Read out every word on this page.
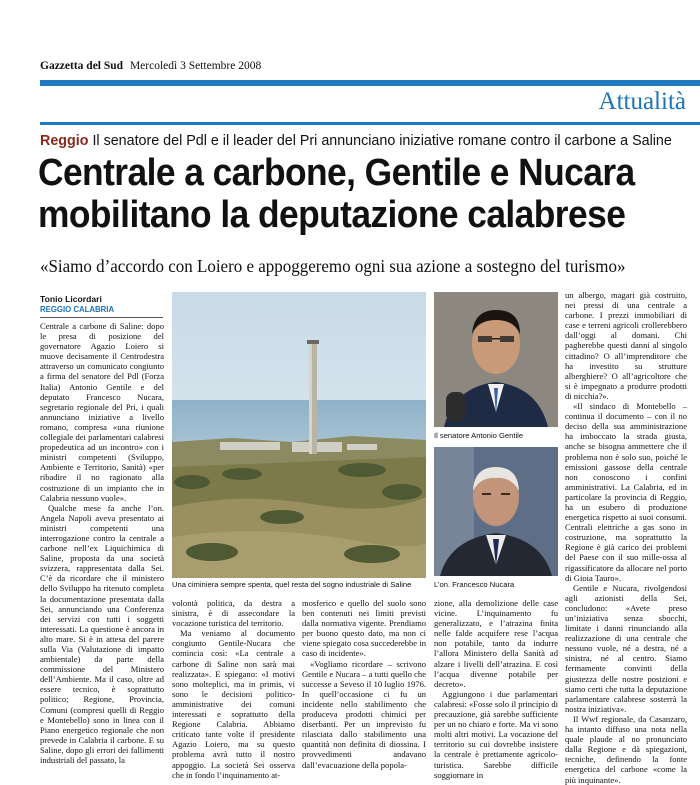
Gazzetta del Sud Mercoledì 3 Settembre 2008
Attualità
Reggio Il senatore del Pdl e il leader del Pri annunciano iniziative romane contro il carbone a Saline
Centrale a carbone, Gentile e Nucara
mobilitano la deputazione calabrese
«Siamo d’accordo con Loiero e appoggeremo ogni sua azione a sostegno del turismo»
Tonio Licordari
REGGIO CALABRIA

Centrale a carbone di Saline: dopo le presa di posizione del governatore Agazio Loiero si muove decisamente il Centrodestra attraverso un comunicato congiunto a firma del senatore del Pdl (Forza Italia) Antonio Gentile e del deputato Francesco Nucara, segretario regionale del Pri, i quali annunciano iniziative a livello romano, compresa «una riunione collegiale dei parlamentari calabresi propedeutica ad un incontro» con i ministri competenti (Sviluppo, Ambiente e Territorio, Sanità) «per ribadire il no ragionato alla costruzione di un impianto che in Calabria nessuno vuole».

Qualche mese fa anche l’on. Angela Napoli aveva presentato ai ministri competenti una interrogazione contro la centrale a carbone nell’ex Liquichimica di Saline, proposta da una società svizzera, rappresentata dalla Sei. C’è da ricordare che il ministero dello Sviluppo ha ritenuto completa la documentazione presentata dalla Sei, annunciando una Conferenza dei servizi con tutti i soggetti interessati. La questione è ancora in alto mare. Si è in attesa del parere sulla Via (Valutazione di impatto ambientale) da parte della commissione del Ministero dell’Ambiente. Ma il caso, oltre ad essere tecnico, è soprattutto politico; Regione, Provincia, Comuni (compresi quelli di Reggio e Montebello) sono in linea con il Piano energetico regionale che non prevede in Calabria il carbone. E su Saline, dopo gli errori dei fallimenti industriali del passato, la

Una ciminiera sempre spenta, quel resta del sogno industriale di Saline
Il senatore Antonio Gentile
L’on. Francesco Nucara

volontà politica, da destra a sinistra, è di assecondare la vocazione turistica del territorio.

Ma veniamo al documento congiunto Gentile-Nucara che comincia così: «La centrale a carbone di Saline non sarà mai realizzata». E spiegano: «I motivi sono molteplici, ma in primis, vi sono le decisioni politico-amministrative dei comuni interessati e soprattutto della Regione Calabria. Abbiamo criticato tante volte il presidente Agazio Loiero, ma su questo problema avrà tutto il nostro appoggio. La società Sei osserva che in fondo l’inquinamento at-

mosferico e quello del suolo sono ben contenuti nei limiti previsti dalla normativa vigente. Prendiamo per buono questo dato, ma non ci viene spiegato cosa succederebbe in caso di incidente».

«Vogliamo ricordare – scrivono Gentile e Nucara – a tutti quello che successe a Seveso il 10 luglio 1976. In quell’occasione ci fu un incidente nello stabilimento che produceva prodotti chimici per diserbanti. Per un imprevisto fu rilasciata dallo stabilimento una quantità non definita di diossina. I provvedimenti andavano dall’evacuazione della popola-

zione, alla demolizione delle case vicine. L’inquinamento fu generalizzato, e l’atrazina finita nelle falde acquifere rese l’acqua non potabile, tanto da indurre l’allora Ministero della Sanità ad alzare i livelli dell’atrazina. E così l’acqua divenne potabile per decreto».

Aggiungono i due parlamentari calabresi: «Fosse solo il principio di precauzione, già sarebbe sufficiente per un no chiaro e forte. Ma vi sono molti altri motivi. La vocazione del territorio su cui dovrebbe insistere la centrale è prettamente agricolo-turistica. Sarebbe difficile soggiornare in

un albergo, magari già costruito, nei pressi di una centrale a carbone. I prezzi immobiliari di case e terreni agricoli crollerebbero dall’oggi al domani. Chi pagherebbe questi danni al singolo cittadino? O all’imprenditore che ha investito su strutture alberghiere? O all’agricoltore che si è impegnato a produrre prodotti di nicchia?».

«Il sindaco di Montebello – continua il documento – con il no deciso della sua amministrazione ha imboccato la strada giusta, anche se bisogna ammettere che il problema non è solo suo, poiché le emissioni gassose della centrale non conoscono i confini amministrativi. La Calabria, ed in particolare la provincia di Reggio, ha un esubero di produzione energetica rispetto ai suoi consumi. Centrali elettriche a gas sono in costruzione, ma soprattutto la Regione è già carico dei problemi del Paese con il suo mille-ossa al rigassificatore da allocare nel porto di Gioia Tauro».

Gentile e Nucara, rivolgendosi agli azionisti della Sei, concludono: «Avete preso un’iniziativa senza sbocchi, limitate i danni rinunciando alla realizzazione di una centrale che nessuno vuole, né a destra, né a sinistra, né al centro. Siamo fermamente convinti della giustezza delle nostre posizioni e siamo certi che tutta la deputazione parlamentare calabrese sosterrà la nostra iniziativa».

Il Wwf regionale, da Casanzaro, ha intanto diffuso una nota nella quale plaude al no pronunciato dalla Regione e dà spiegazioni, tecniche, definendo la fonte energetica del carbone «come la più inquinante».
